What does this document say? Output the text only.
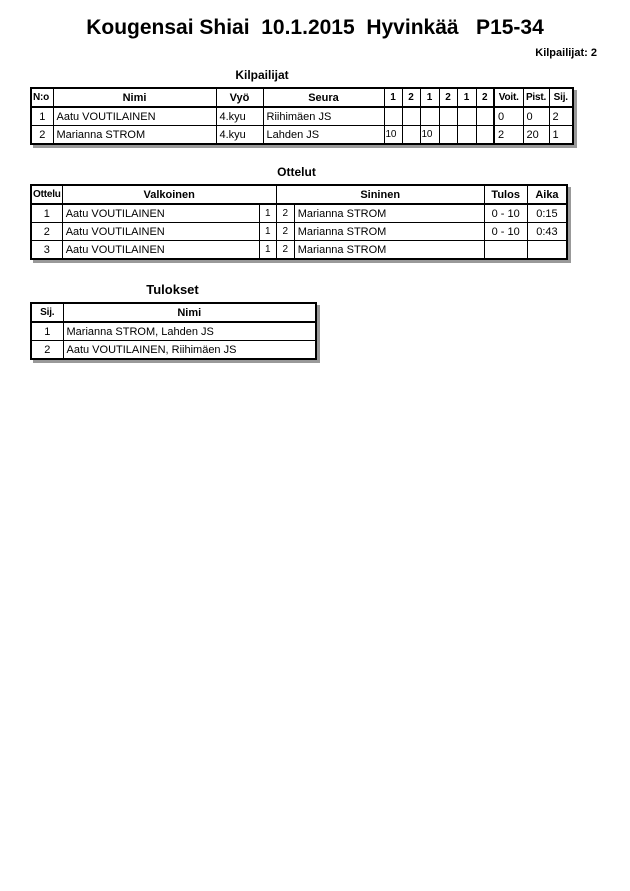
Kougensai Shiai  10.1.2015  Hyvinkää   P15-34
Kilpailijat: 2
Kilpailijat
N:o	Nimi	Vyö	Seura	1	2	1	2	1	2	Voit.	Pist.	Sij.
1	Aatu VOUTILAINEN	4.kyu	Riihimäen JS							0	0	2
2	Marianna STROM	4.kyu	Lahden JS	10		10				2	20	1
Ottelut
Ottelu	Valkoinen		Sininen		Tulos	Aika
1	Aatu VOUTILAINEN	1	2	Marianna STROM	0 - 10	0:15
2	Aatu VOUTILAINEN	1	2	Marianna STROM	0 - 10	0:43
3	Aatu VOUTILAINEN	1	2	Marianna STROM		
Tulokset
Sij.	Nimi
1	Marianna STROM, Lahden JS
2	Aatu VOUTILAINEN, Riihimäen JS
